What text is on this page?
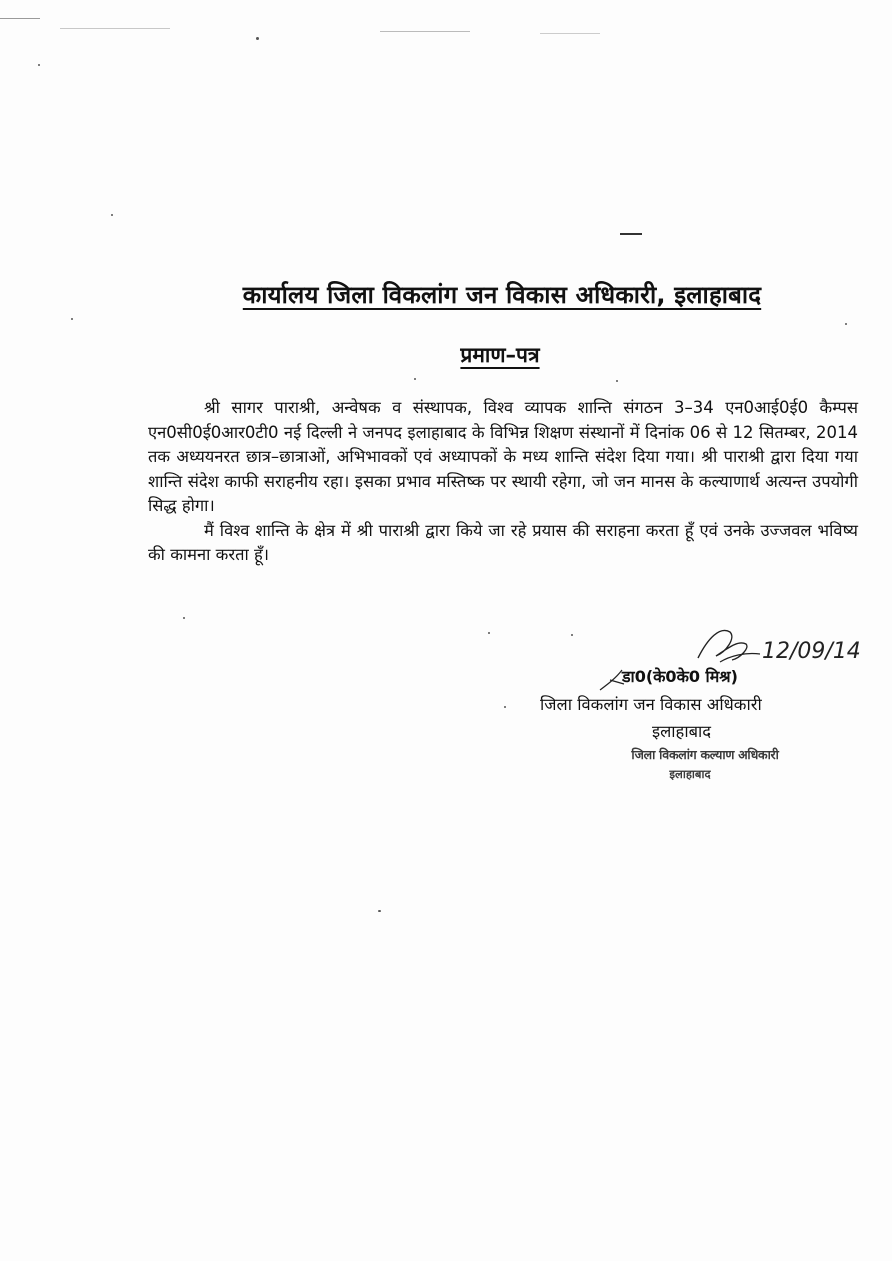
कार्यालय जिला विकलांग जन विकास अधिकारी, इलाहाबाद
प्रमाण–पत्र

श्री सागर पाराश्री, अन्वेषक व संस्थापक, विश्व व्यापक शान्ति संगठन 3–34 एन0आई0ई0 कैम्पस एन0सी0ई0आर0टी0 नई दिल्ली ने जनपद इलाहाबाद के विभिन्न शिक्षण संस्थानों में दिनांक 06 से 12 सितम्बर, 2014 तक अध्ययनरत छात्र–छात्राओं, अभिभावकों एवं अध्यापकों के मध्य शान्ति संदेश दिया गया। श्री पाराश्री द्वारा दिया गया शान्ति संदेश काफी सराहनीय रहा। इसका प्रभाव मस्तिष्क पर स्थायी रहेगा, जो जन मानस के कल्याणार्थ अत्यन्त उपयोगी सिद्ध होगा।

मैं विश्व शान्ति के क्षेत्र में श्री पाराश्री द्वारा किये जा रहे प्रयास की सराहना करता हूँ एवं उनके उज्जवल भविष्य की कामना करता हूँ।

12/09/14
डा0(के0के0 मिश्र)
जिला विकलांग जन विकास अधिकारी
इलाहाबाद
जिला विकलांग कल्याण अधिकारी
इलाहाबाद
